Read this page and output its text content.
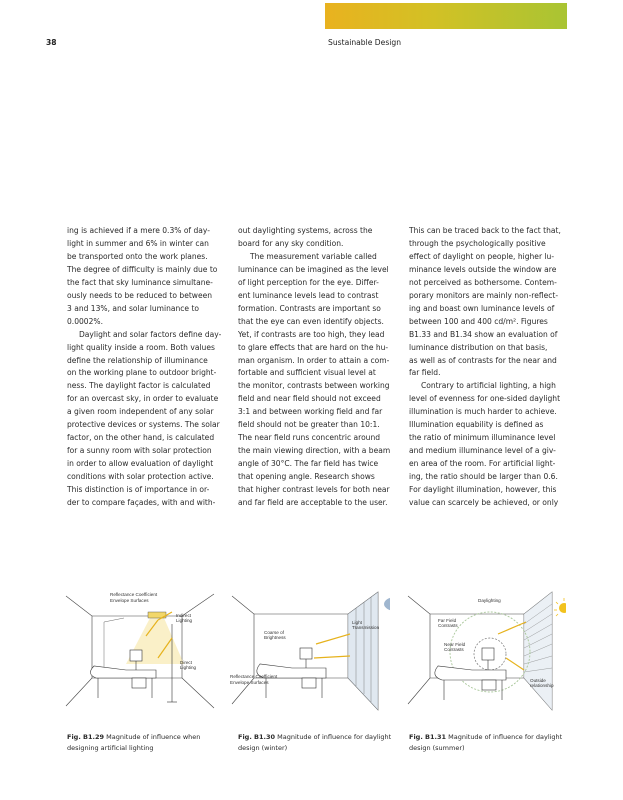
38	Sustainable Design

ing is achieved if a mere 0.3% of day-
light in summer and 6% in winter can
be transported onto the work planes.
The degree of difficulty is mainly due to
the fact that sky luminance simultane-
ously needs to be reduced to between
3 and 13%, and solar luminance to
0.0002%.

Daylight and solar factors define day-
light quality inside a room. Both values
define the relationship of illuminance
on the working plane to outdoor bright-
ness. The daylight factor is calculated
for an overcast sky, in order to evaluate
a given room independent of any solar
protective devices or systems. The solar
factor, on the other hand, is calculated
for a sunny room with solar protection
in order to allow evaluation of daylight
conditions with solar protection active.
This distinction is of importance in or-
der to compare façades, with and with-

out daylighting systems, across the
board for any sky condition.

The measurement variable called
luminance can be imagined as the level
of light perception for the eye. Differ-
ent luminance levels lead to contrast
formation. Contrasts are important so
that the eye can even identify objects.
Yet, if contrasts are too high, they lead
to glare effects that are hard on the hu-
man organism. In order to attain a com-
fortable and sufficient visual level at
the monitor, contrasts between working
field and near field should not exceed
3:1 and between working field and far
field should not be greater than 10:1.
The near field runs concentric around
the main viewing direction, with a beam
angle of 30°C. The far field has twice
that opening angle. Research shows
that higher contrast levels for both near
and far field are acceptable to the user.

This can be traced back to the fact that,
through the psychologically positive
effect of daylight on people, higher lu-
minance levels outside the window are
not perceived as bothersome. Contem-
porary monitors are mainly non-reflect-
ing and boast own luminance levels of
between 100 and 400 cd/m². Figures
B1.33 and B1.34 show an evaluation of
luminance distribution on that basis,
as well as of contrasts for the near and
far field.

Contrary to artificial lighting, a high
level of evenness for one-sided daylight
illumination is much harder to achieve.
Illumination equability is defined as
the ratio of minimum illuminance level
and medium illuminance level of a giv-
en area of the room. For artificial light-
ing, the ratio should be larger than 0.6.
For daylight illumination, however, this
value can scarcely be achieved, or only

Reflectance Coefficient
Envelope Surfaces
Indirect
Lighting
Direct
Lighting
Coarse of
Brightness
Light
Transmission
Reflectance Coefficient
Envelope Surfaces
Daylighting
Far Field
Contrasts
Near Field
Contrasts
Outside
relationship
Fig. B1.29 Magnitude of influence when designing artificial lighting
Fig. B1.30 Magnitude of influence for daylight design (winter)
Fig. B1.31 Magnitude of influence for daylight design (summer)
